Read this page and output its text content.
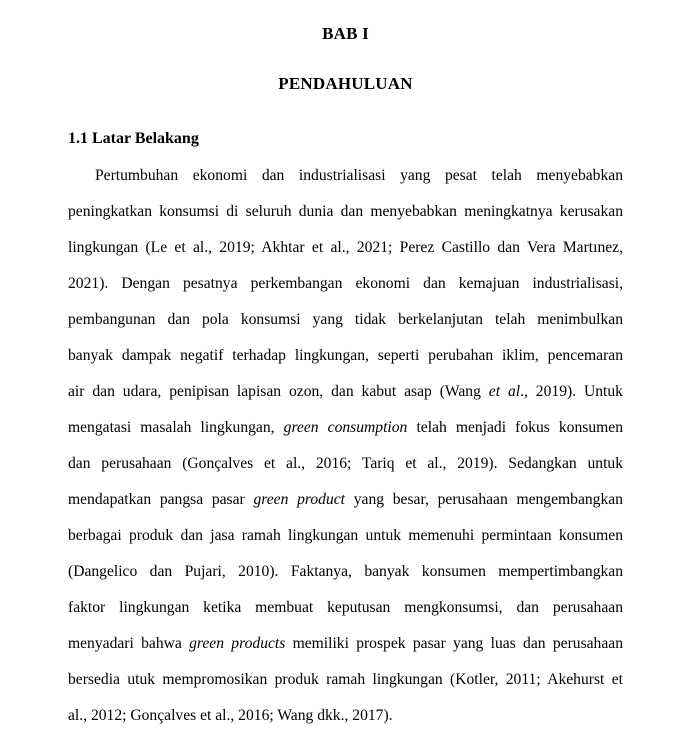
BAB I
PENDAHULUAN
1.1 Latar Belakang
Pertumbuhan ekonomi dan industrialisasi yang pesat telah menyebabkan
peningkatkan konsumsi di seluruh dunia dan menyebabkan meningkatnya kerusakan
lingkungan (Le et al., 2019; Akhtar et al., 2021; Perez Castillo dan Vera Martınez,
2021). Dengan pesatnya perkembangan ekonomi dan kemajuan industrialisasi,
pembangunan dan pola konsumsi yang tidak berkelanjutan telah menimbulkan
banyak dampak negatif terhadap lingkungan, seperti perubahan iklim, pencemaran
air dan udara, penipisan lapisan ozon, dan kabut asap (Wang et al., 2019). Untuk
mengatasi masalah lingkungan, green consumption telah menjadi fokus konsumen
dan perusahaan (Gonçalves et al., 2016; Tariq et al., 2019). Sedangkan untuk
mendapatkan pangsa pasar green product yang besar, perusahaan mengembangkan
berbagai produk dan jasa ramah lingkungan untuk memenuhi permintaan konsumen
(Dangelico dan Pujari, 2010). Faktanya, banyak konsumen mempertimbangkan
faktor lingkungan ketika membuat keputusan mengkonsumsi, dan perusahaan
menyadari bahwa green products memiliki prospek pasar yang luas dan perusahaan
bersedia utuk mempromosikan produk ramah lingkungan (Kotler, 2011; Akehurst et
al., 2012; Gonçalves et al., 2016; Wang dkk., 2017).
